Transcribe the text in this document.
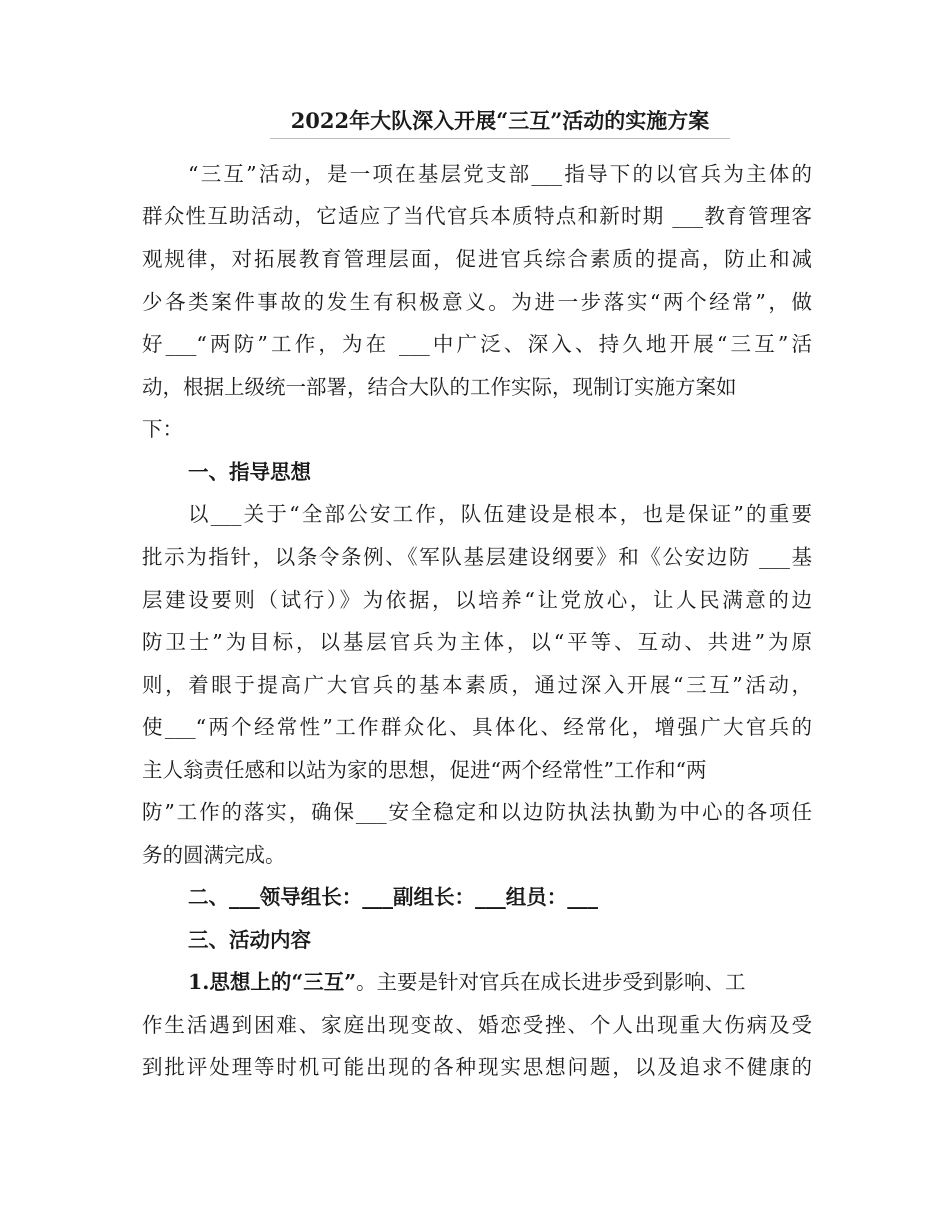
2022年大队深入开展“三互”活动的实施方案
“三互”活动，是一项在基层党支部___指导下的以官兵为主体的
群众性互助活动，它适应了当代官兵本质特点和新时期 ___教育管理客
观规律，对拓展教育管理层面，促进官兵综合素质的提高，防止和减
少各类案件事故的发生有积极意义。为进一步落实“两个经常”，做
好___“两防”工作，为在 ___中广泛、深入、持久地开展“三互”活
动，根据上级统一部署，结合大队的工作实际，现制订实施方案如
下：
一、指导思想
以___关于“全部公安工作，队伍建设是根本，也是保证”的重要
批示为指针，以条令条例、《军队基层建设纲要》和《公安边防 ___基
层建设要则（试行）》为依据，以培养“让党放心，让人民满意的边
防卫士”为目标，以基层官兵为主体，以“平等、互动、共进”为原
则，着眼于提高广大官兵的基本素质，通过深入开展“三互”活动，
使___“两个经常性”工作群众化、具体化、经常化，增强广大官兵的
主人翁责任感和以站为家的思想，促进“两个经常性”工作和“两
防”工作的落实，确保___安全稳定和以边防执法执勤为中心的各项任
务的圆满完成。
二、___领导组长：___副组长：___组员：___
三、活动内容
1.思想上的“三互”。主要是针对官兵在成长进步受到影响、工
作生活遇到困难、家庭出现变故、婚恋受挫、个人出现重大伤病及受
到批评处理等时机可能出现的各种现实思想问题，以及追求不健康的
